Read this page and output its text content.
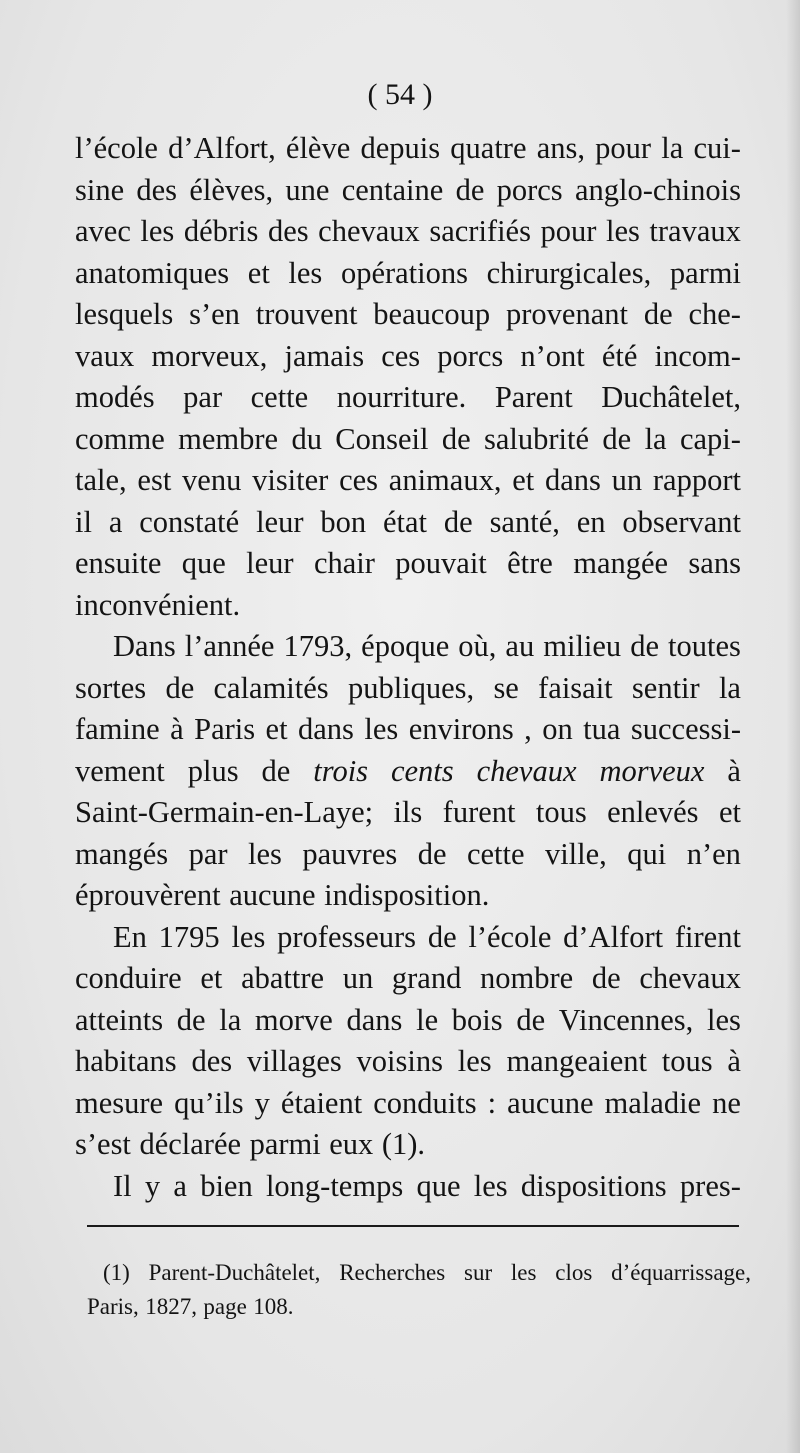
( 54 )
l’école d’Alfort, élève depuis quatre ans, pour la cui-
sine des élèves, une centaine de porcs anglo-chinois
avec les débris des chevaux sacrifiés pour les travaux
anatomiques et les opérations chirurgicales, parmi
lesquels s’en trouvent beaucoup provenant de che-
vaux morveux, jamais ces porcs n’ont été incom-
modés par cette nourriture. Parent Duchâtelet,
comme membre du Conseil de salubrité de la capi-
tale, est venu visiter ces animaux, et dans un rapport
il a constaté leur bon état de santé, en observant
ensuite que leur chair pouvait être mangée sans
inconvénient.
Dans l’année 1793, époque où, au milieu de toutes
sortes de calamités publiques, se faisait sentir la
famine à Paris et dans les environs , on tua successi-
vement plus de trois cents chevaux morveux à
Saint-Germain-en-Laye; ils furent tous enlevés et
mangés par les pauvres de cette ville, qui n’en
éprouvèrent aucune indisposition.
En 1795 les professeurs de l’école d’Alfort firent
conduire et abattre un grand nombre de chevaux
atteints de la morve dans le bois de Vincennes, les
habitans des villages voisins les mangeaient tous à
mesure qu’ils y étaient conduits : aucune maladie ne
s’est déclarée parmi eux (1).
Il y a bien long-temps que les dispositions pres-
(1) Parent-Duchâtelet, Recherches sur les clos d’équarrissage,
Paris, 1827, page 108.
